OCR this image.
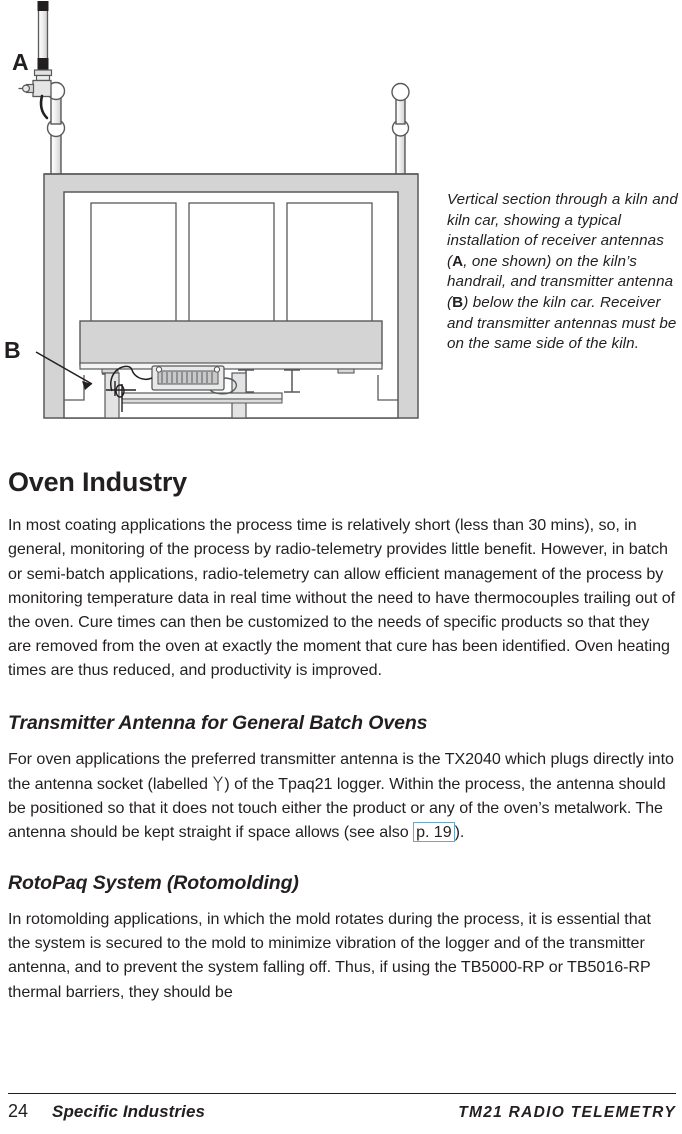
A
B
Vertical section through a kiln and kiln car, showing a typical installation of receiver antennas (A, one shown) on the kiln’s handrail, and transmitter antenna (B) below the kiln car. Receiver and transmitter antennas must be on the same side of the kiln.
Oven Industry

In most coating applications the process time is relatively short (less than 30 mins), so, in general, monitoring of the process by radio-telemetry provides little benefit. However, in batch or semi-batch applications, radio-telemetry can allow efficient management of the process by monitoring temperature data in real time without the need to have thermocouples trailing out of the oven. Cure times can then be customized to the needs of specific products so that they are removed from the oven at exactly the moment that cure has been identified. Oven heating times are thus reduced, and productivity is improved.

Transmitter Antenna for General Batch Ovens

For oven applications the preferred transmitter antenna is the TX2040 which plugs directly into the antenna socket (labelled ) of the Tpaq21 logger. Within the process, the antenna should be positioned so that it does not touch either the product or any of the oven’s metalwork. The antenna should be kept straight if space allows (see also p. 19 ).

RotoPaq System (Rotomolding)

In rotomolding applications, in which the mold rotates during the process, it is essential that the system is secured to the mold to minimize vibration of the logger and of the transmitter antenna, and to prevent the system falling off. Thus, if using the TB5000-RP or TB5016-RP thermal barriers, they should be

24	Specific Industries	TM21 RADIO TELEMETRY
